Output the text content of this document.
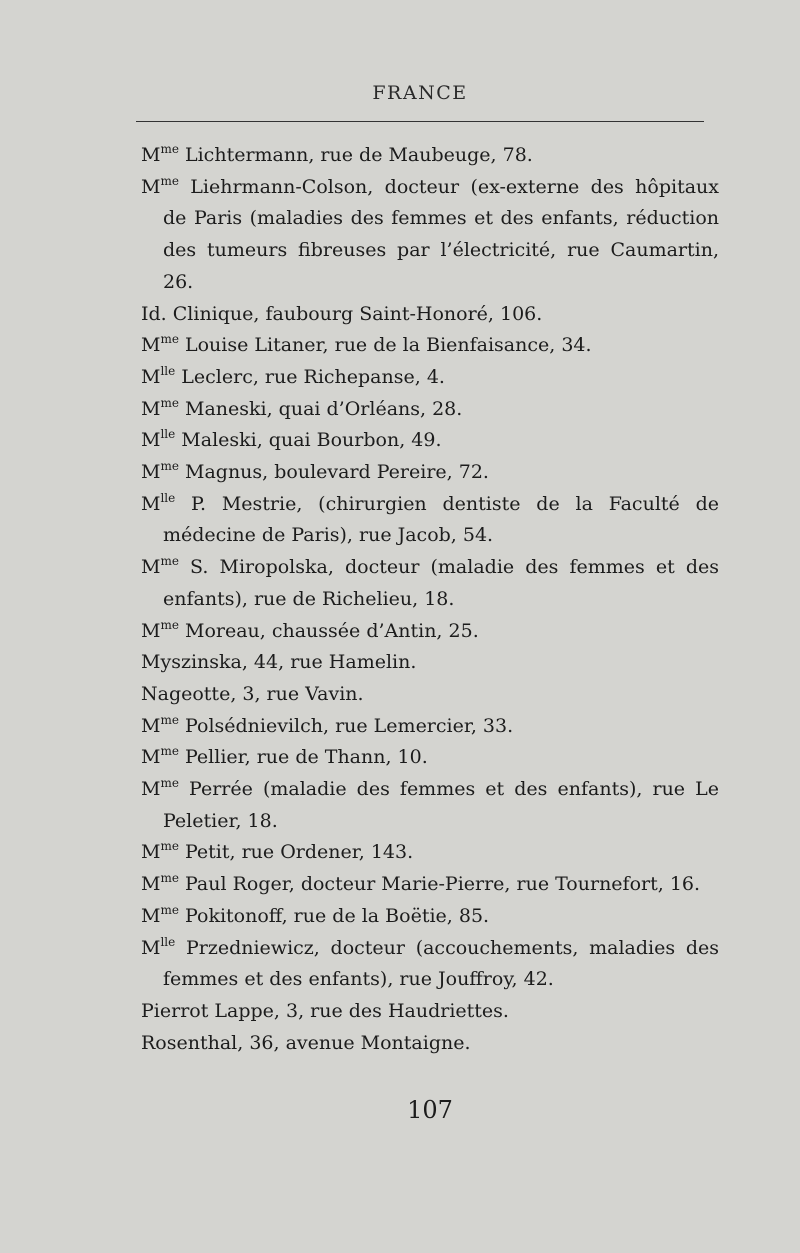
FRANCE

$M^{me}$ Lichtermann, rue de Maubeuge, 78.

$M^{me}$ Liehrmann-Colson, docteur (ex-externe des hôpitaux de Paris (maladies des femmes et des enfants, réduction des tumeurs fibreuses par l’électricité, rue Caumartin, 26.

Id. Clinique, faubourg Saint-Honoré, 106.

$M^{me}$ Louise Litaner, rue de la Bienfaisance, 34.

$M^{lle}$ Leclerc, rue Richepanse, 4.

$M^{me}$ Maneski, quai d’Orléans, 28.

$M^{lle}$ Maleski, quai Bourbon, 49.

$M^{me}$ Magnus, boulevard Pereire, 72.

$M^{lle}$ P. Mestrie, (chirurgien dentiste de la Faculté de médecine de Paris), rue Jacob, 54.

$M^{me}$ S. Miropolska, docteur (maladie des femmes et des enfants), rue de Richelieu, 18.

$M^{me}$ Moreau, chaussée d’Antin, 25.

Myszinska, 44, rue Hamelin.

Nageotte, 3, rue Vavin.

$M^{me}$ Polsédnievilch, rue Lemercier, 33.

$M^{me}$ Pellier, rue de Thann, 10.

$M^{me}$ Perrée (maladie des femmes et des enfants), rue Le Peletier, 18.

$M^{me}$ Petit, rue Ordener, 143.

$M^{me}$ Paul Roger, docteur Marie-Pierre, rue Tournefort, 16.

$M^{me}$ Pokitonoff, rue de la Boëtie, 85.

$M^{lle}$ Przedniewicz, docteur (accouchements, maladies des femmes et des enfants), rue Jouffroy, 42.

Pierrot Lappe, 3, rue des Haudriettes.

Rosenthal, 36, avenue Montaigne.

107
